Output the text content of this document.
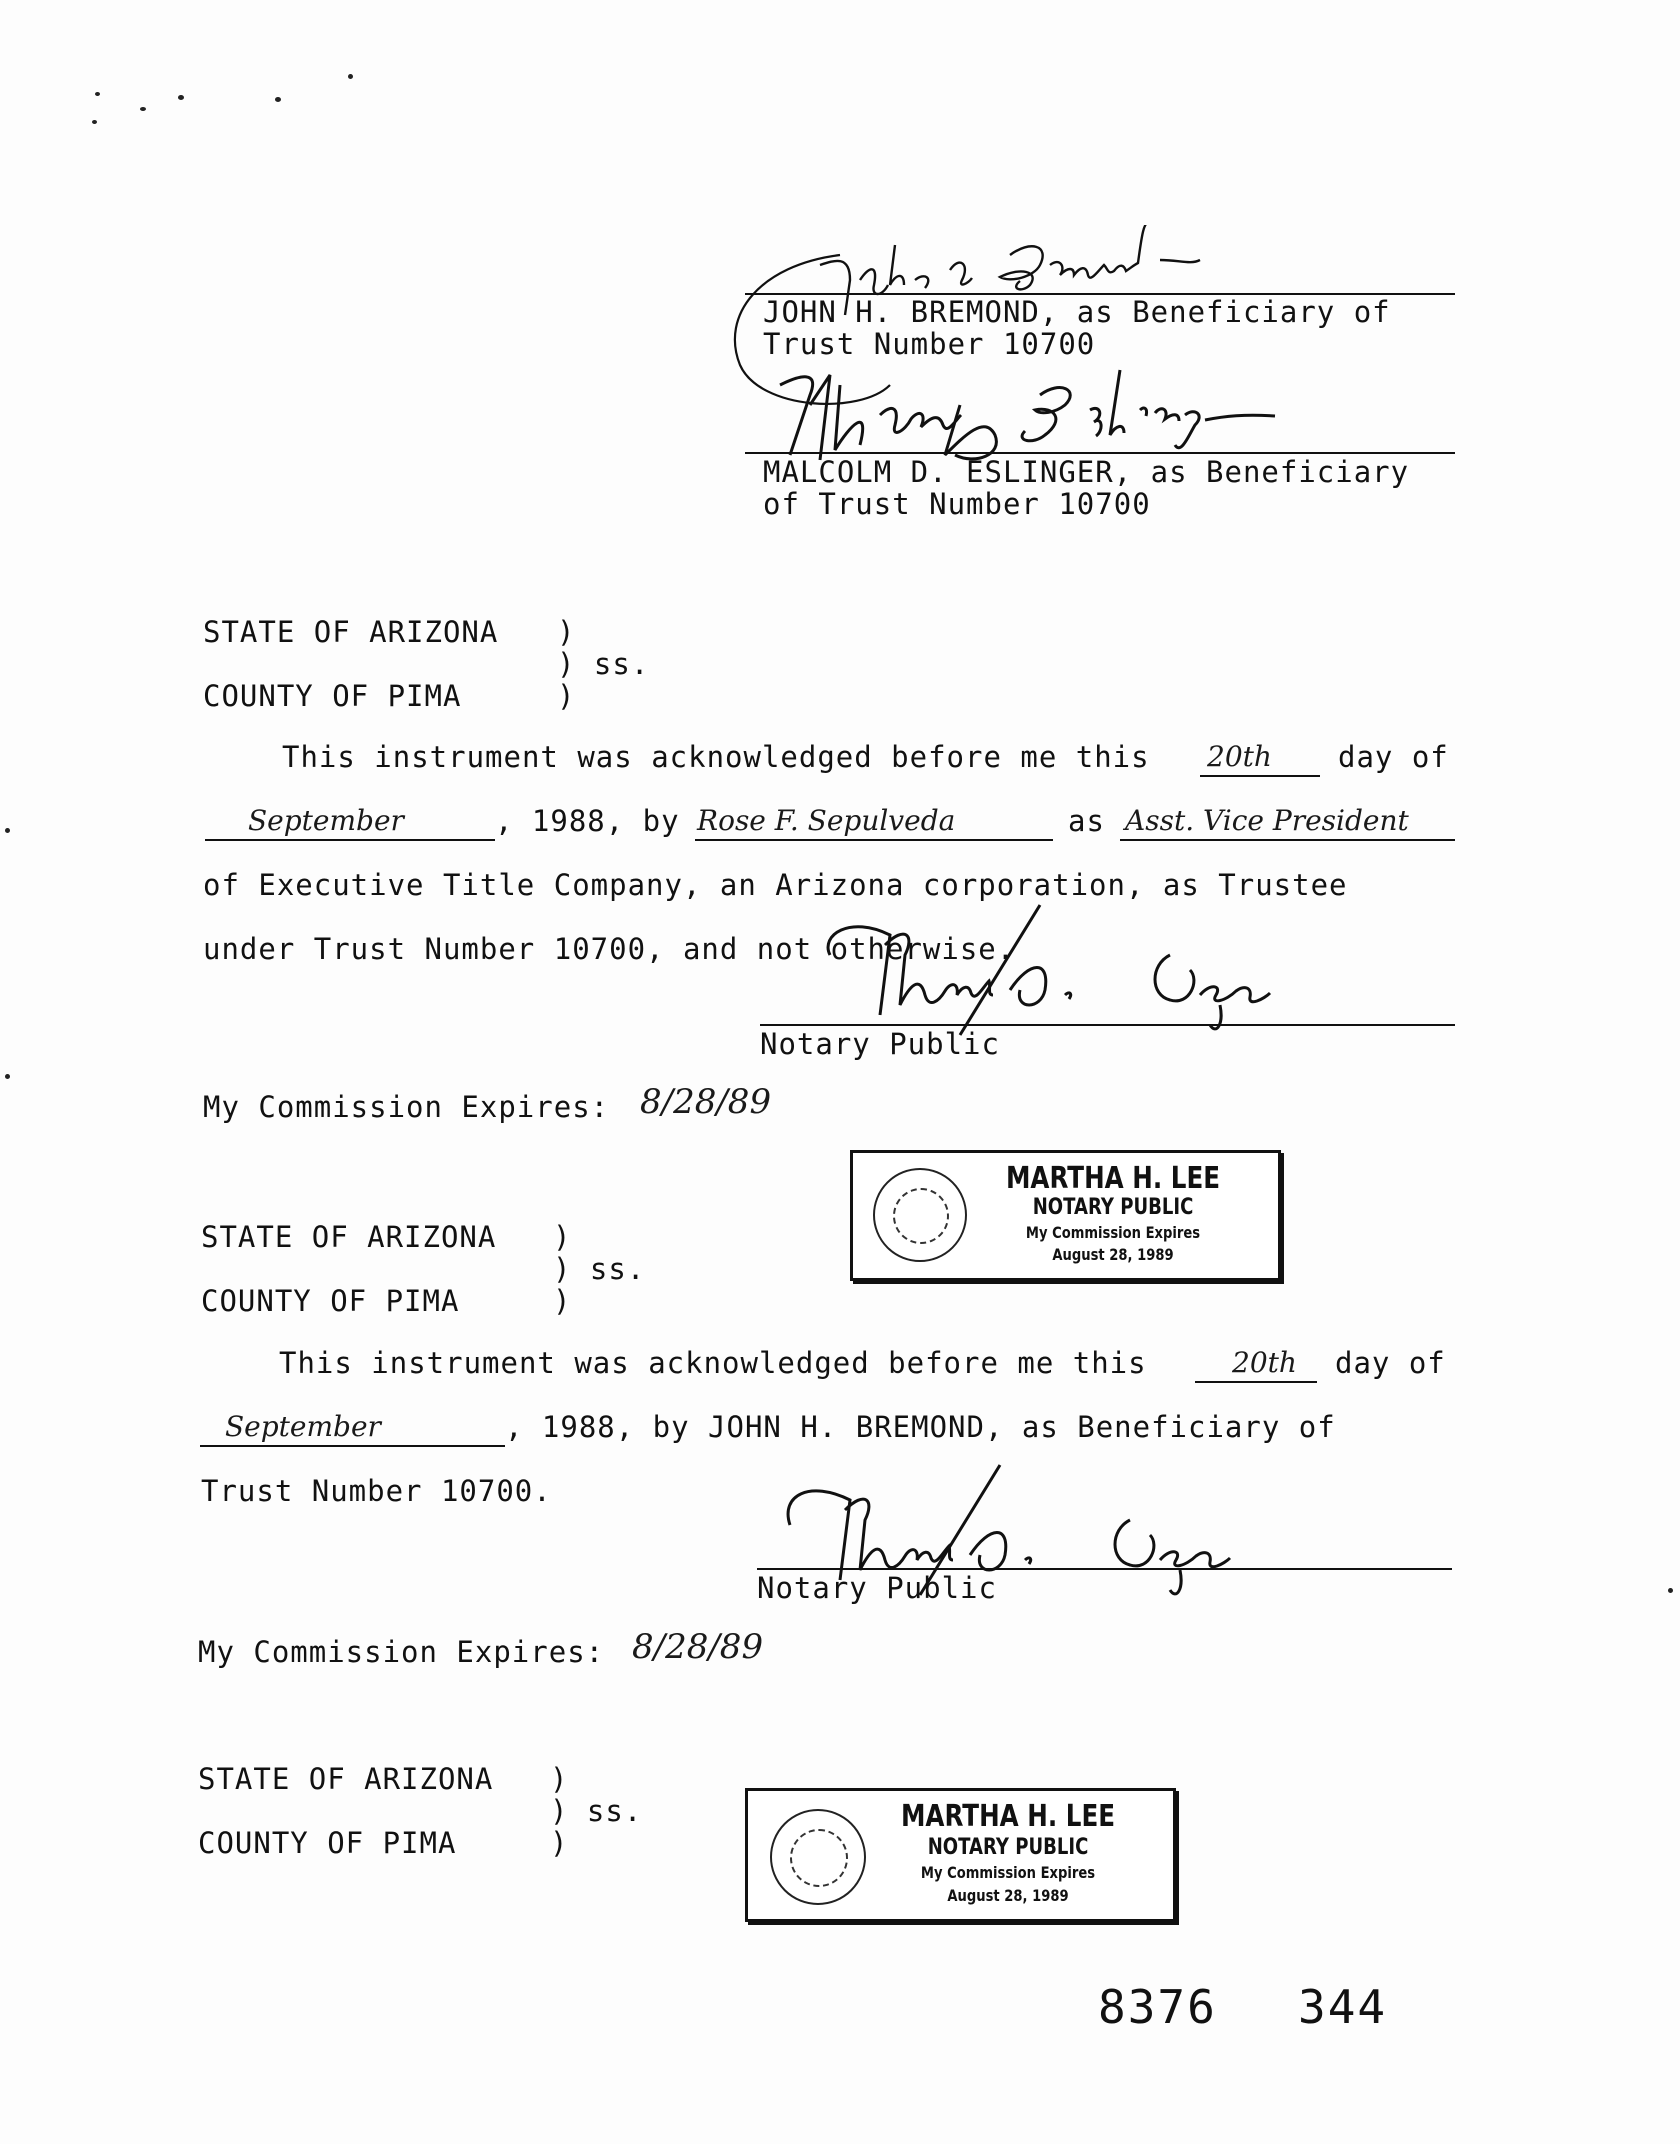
JOHN H. BREMOND, as Beneficiary of
Trust Number 10700
MALCOLM D. ESLINGER, as Beneficiary
of Trust Number 10700
STATE OF ARIZONA )
) ss.
COUNTY OF PIMA	)
This instrument was acknowledged before me this 20th day of
September	, 1988, by Rose F. Sepulveda	as Asst. Vice President
of Executive Title Company, an Arizona corporation, as Trustee
under Trust Number 10700, and not otherwise.
Notary Public
My Commission Expires: 8/28/89
MARTHA H. LEE
NOTARY PUBLIC
My Commission Expires
August 28, 1989
STATE OF ARIZONA )
) ss.
COUNTY OF PIMA	)
This instrument was acknowledged before me this	20th day of
September	, 1988, by JOHN H. BREMOND, as Beneficiary of
Trust Number 10700.
Notary Public
My Commission Expires: 8/28/89
STATE OF ARIZONA )
) ss.
COUNTY OF PIMA	)
MARTHA H. LEE
NOTARY PUBLIC
My Commission Expires
August 28, 1989
8376 344
